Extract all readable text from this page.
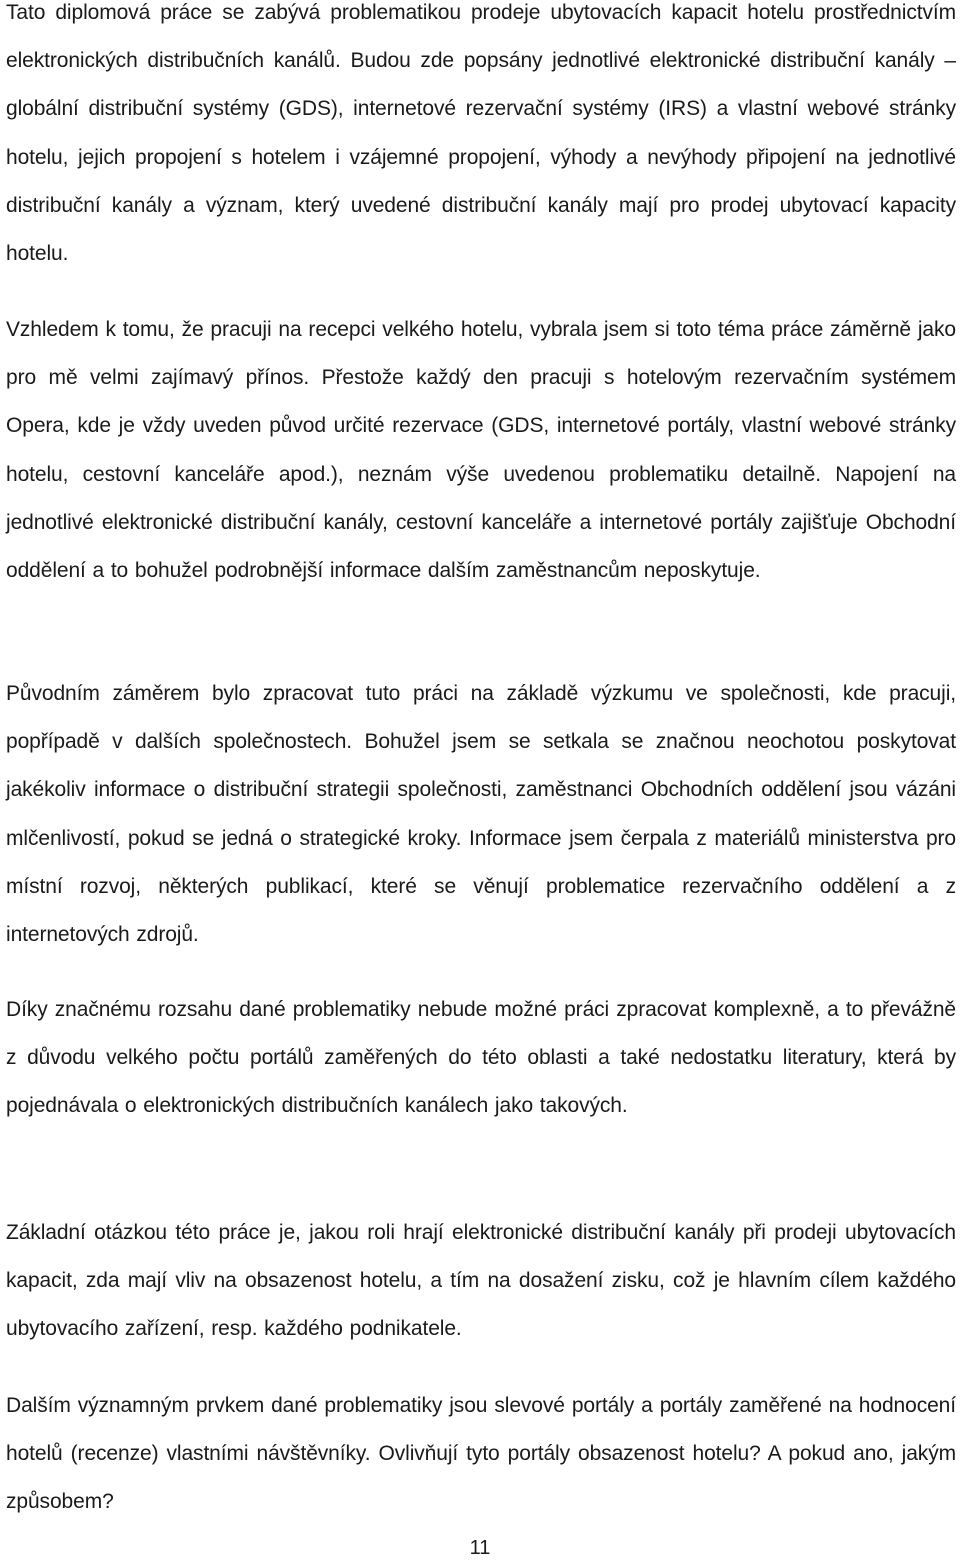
Tato diplomová práce se zabývá problematikou prodeje ubytovacích kapacit hotelu prostřednictvím elektronických distribučních kanálů. Budou zde popsány jednotlivé elektronické distribuční kanály – globální distribuční systémy (GDS), internetové rezervační systémy (IRS) a vlastní webové stránky hotelu, jejich propojení s hotelem i vzájemné propojení, výhody a nevýhody připojení na jednotlivé distribuční kanály a význam, který uvedené distribuční kanály mají pro prodej ubytovací kapacity hotelu.

Vzhledem k tomu, že pracuji na recepci velkého hotelu, vybrala jsem si toto téma práce záměrně jako pro mě velmi zajímavý přínos. Přestože každý den pracuji s hotelovým rezervačním systémem Opera, kde je vždy uveden původ určité rezervace (GDS, internetové portály, vlastní webové stránky hotelu, cestovní kanceláře apod.), neznám výše uvedenou problematiku detailně. Napojení na jednotlivé elektronické distribuční kanály, cestovní kanceláře a internetové portály zajišťuje Obchodní oddělení a to bohužel podrobnější informace dalším zaměstnancům neposkytuje.

Původním záměrem bylo zpracovat tuto práci na základě výzkumu ve společnosti, kde pracuji, popřípadě v dalších společnostech. Bohužel jsem se setkala se značnou neochotou poskytovat jakékoliv informace o distribuční strategii společnosti, zaměstnanci Obchodních oddělení jsou vázáni mlčenlivostí, pokud se jedná o strategické kroky. Informace jsem čerpala z materiálů ministerstva pro místní rozvoj, některých publikací, které se věnují problematice rezervačního oddělení a z internetových zdrojů.

Díky značnému rozsahu dané problematiky nebude možné práci zpracovat komplexně, a to převážně z důvodu velkého počtu portálů zaměřených do této oblasti a také nedostatku literatury, která by pojednávala o elektronických distribučních kanálech jako takových.

Základní otázkou této práce je, jakou roli hrají elektronické distribuční kanály při prodeji ubytovacích kapacit, zda mají vliv na obsazenost hotelu, a tím na dosažení zisku, což je hlavním cílem každého ubytovacího zařízení, resp. každého podnikatele.

Dalším významným prvkem dané problematiky jsou slevové portály a portály zaměřené na hodnocení hotelů (recenze) vlastními návštěvníky. Ovlivňují tyto portály obsazenost hotelu? A pokud ano, jakým způsobem?

11
